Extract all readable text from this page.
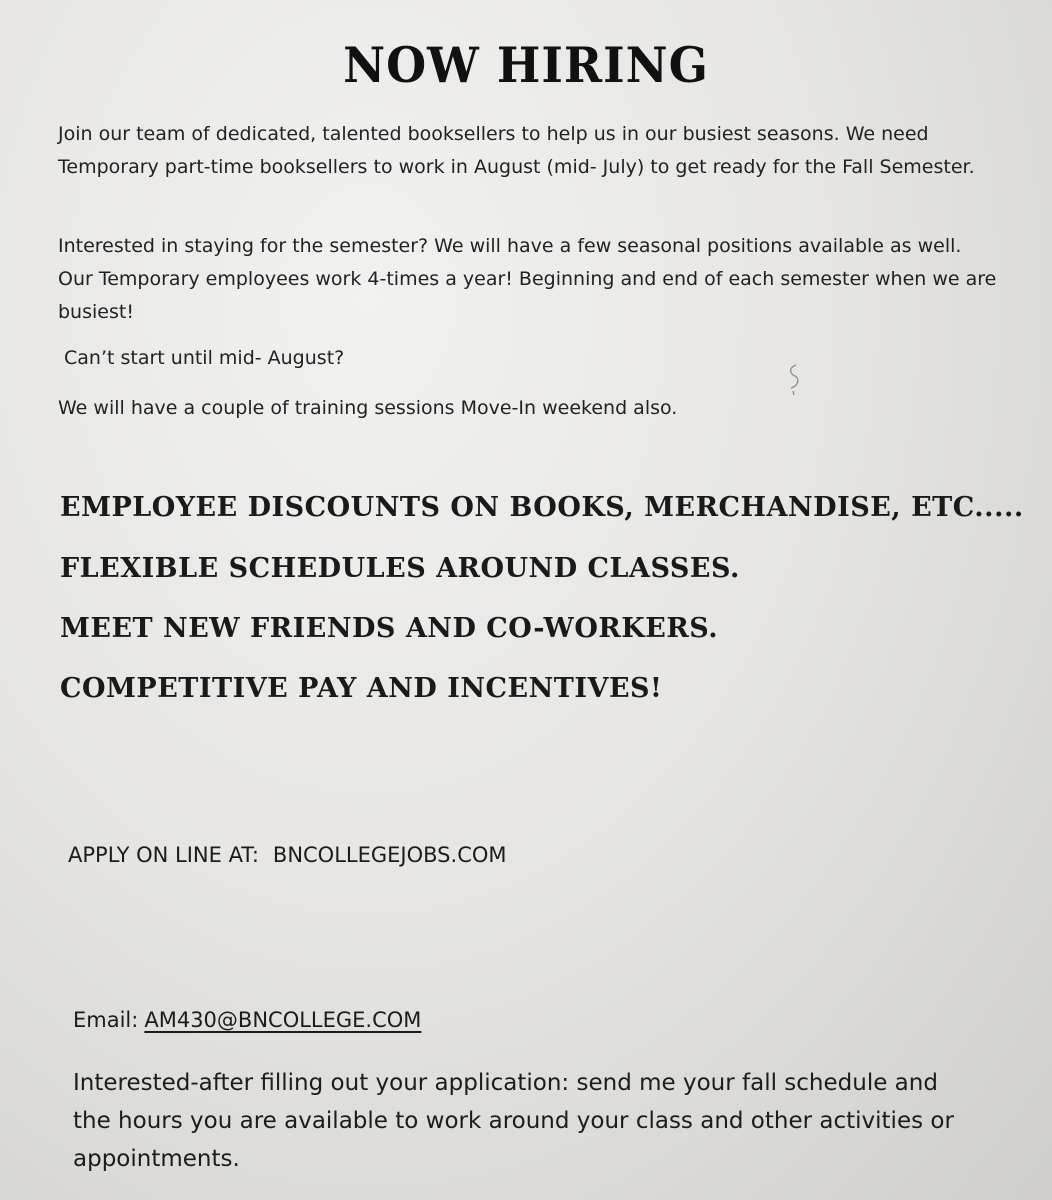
NOW HIRING
Join our team of dedicated, talented booksellers to help us in our busiest seasons. We need Temporary part-time booksellers to work in August (mid- July) to get ready for the Fall Semester.
Interested in staying for the semester? We will have a few seasonal positions available as well. Our Temporary employees work 4-times a year! Beginning and end of each semester when we are busiest!
Can’t start until mid- August?
We will have a couple of training sessions Move-In weekend also.
EMPLOYEE DISCOUNTS ON BOOKS, MERCHANDISE, ETC.....
FLEXIBLE SCHEDULES AROUND CLASSES.
MEET NEW FRIENDS AND CO-WORKERS.
COMPETITIVE PAY AND INCENTIVES!
APPLY ON LINE AT: BNCOLLEGEJOBS.COM
Email: AM430@BNCOLLEGE.COM
Interested-after filling out your application: send me your fall schedule and the hours you are available to work around your class and other activities or appointments.
